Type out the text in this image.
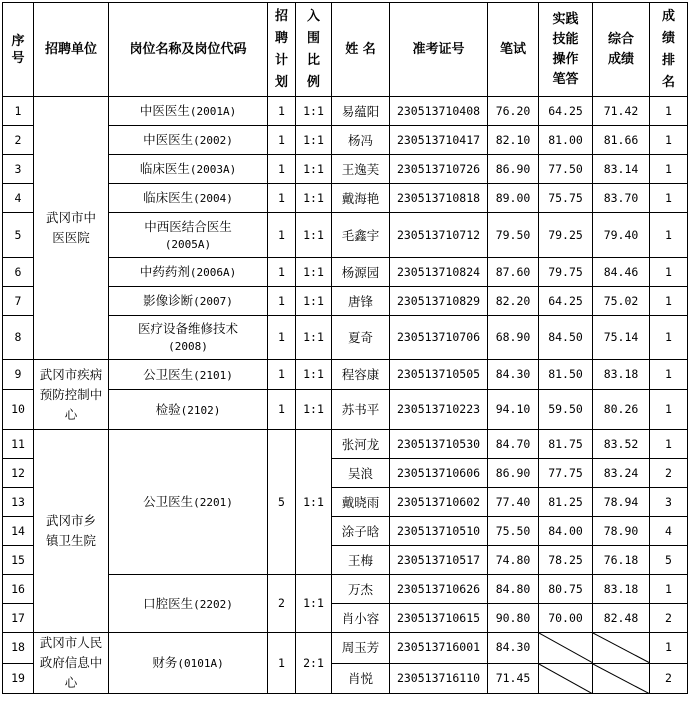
序号	招聘单位	岗位名称及岗位代码	招聘计划	入围比例	姓 名	准考证号	笔试	实践技能操作笔答	综合成绩	成绩排名
1	武冈市中医医院	中医医生(2001A)	1	1:1	易蕴阳	230513710408	76.20	64.25	71.42	1
2		中医医生(2002)	1	1:1	杨冯	230513710417	82.10	81.00	81.66	1
3		临床医生(2003A)	1	1:1	王逸芙	230513710726	86.90	77.50	83.14	1
4		临床医生(2004)	1	1:1	戴海艳	230513710818	89.00	75.75	83.70	1
5		中西医结合医生(2005A)	1	1:1	毛鑫宇	230513710712	79.50	79.25	79.40	1
6		中药药剂(2006A)	1	1:1	杨源园	230513710824	87.60	79.75	84.46	1
7		影像诊断(2007)	1	1:1	唐锋	230513710829	82.20	64.25	75.02	1
8		医疗设备维修技术(2008)	1	1:1	夏奇	230513710706	68.90	84.50	75.14	1
9	武冈市疾病预防控制中心	公卫医生(2101)	1	1:1	程容康	230513710505	84.30	81.50	83.18	1
10		检验(2102)	1	1:1	苏书平	230513710223	94.10	59.50	80.26	1
11	武冈市乡镇卫生院	公卫医生(2201)	5	1:1	张河龙	230513710530	84.70	81.75	83.52	1
12					吴浪	230513710606	86.90	77.75	83.24	2
13					戴晓雨	230513710602	77.40	81.25	78.94	3
14					涂子晗	230513710510	75.50	84.00	78.90	4
15					王梅	230513710517	74.80	78.25	76.18	5
16		口腔医生(2202)	2	1:1	万杰	230513710626	84.80	80.75	83.18	1
17					肖小容	230513710615	90.80	70.00	82.48	2
18	武冈市人民政府信息中心	财务(0101A)	1	2:1	周玉芳	230513716001	84.30			1
19					肖悦	230513716110	71.45			2
